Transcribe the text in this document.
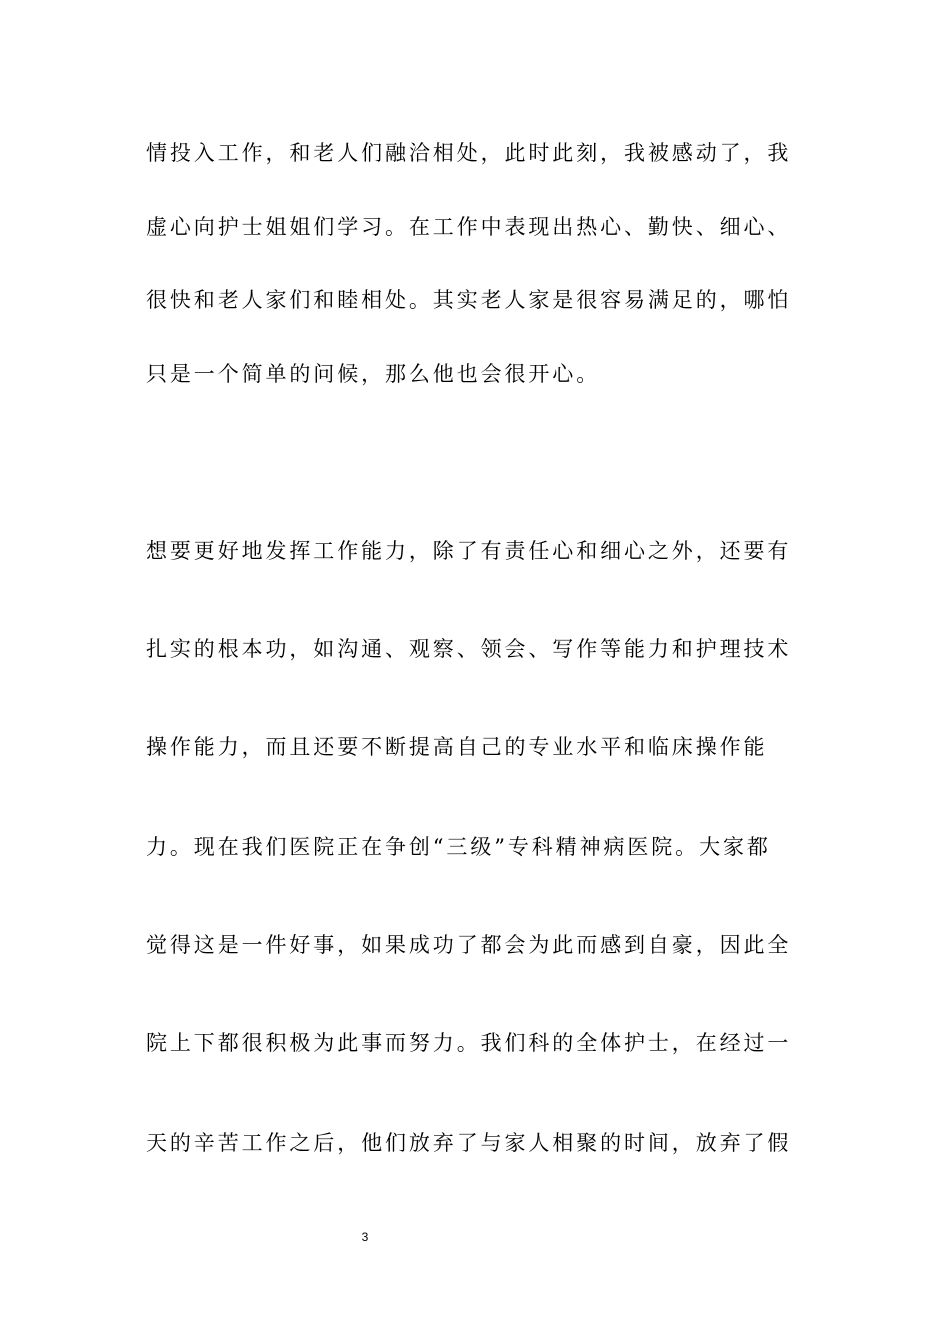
情投入工作，和老人们融洽相处，此时此刻，我被感动了，我
虚心向护士姐姐们学习。在工作中表现出热心、勤快、细心、
很快和老人家们和睦相处。其实老人家是很容易满足的，哪怕
只是一个简单的问候，那么他也会很开心。
想要更好地发挥工作能力，除了有责任心和细心之外，还要有
扎实的根本功，如沟通、观察、领会、写作等能力和护理技术
操作能力，而且还要不断提高自己的专业水平和临床操作能
力。现在我们医院正在争创“三级”专科精神病医院。大家都
觉得这是一件好事，如果成功了都会为此而感到自豪，因此全
院上下都很积极为此事而努力。我们科的全体护士，在经过一
天的辛苦工作之后，他们放弃了与家人相聚的时间，放弃了假
3
